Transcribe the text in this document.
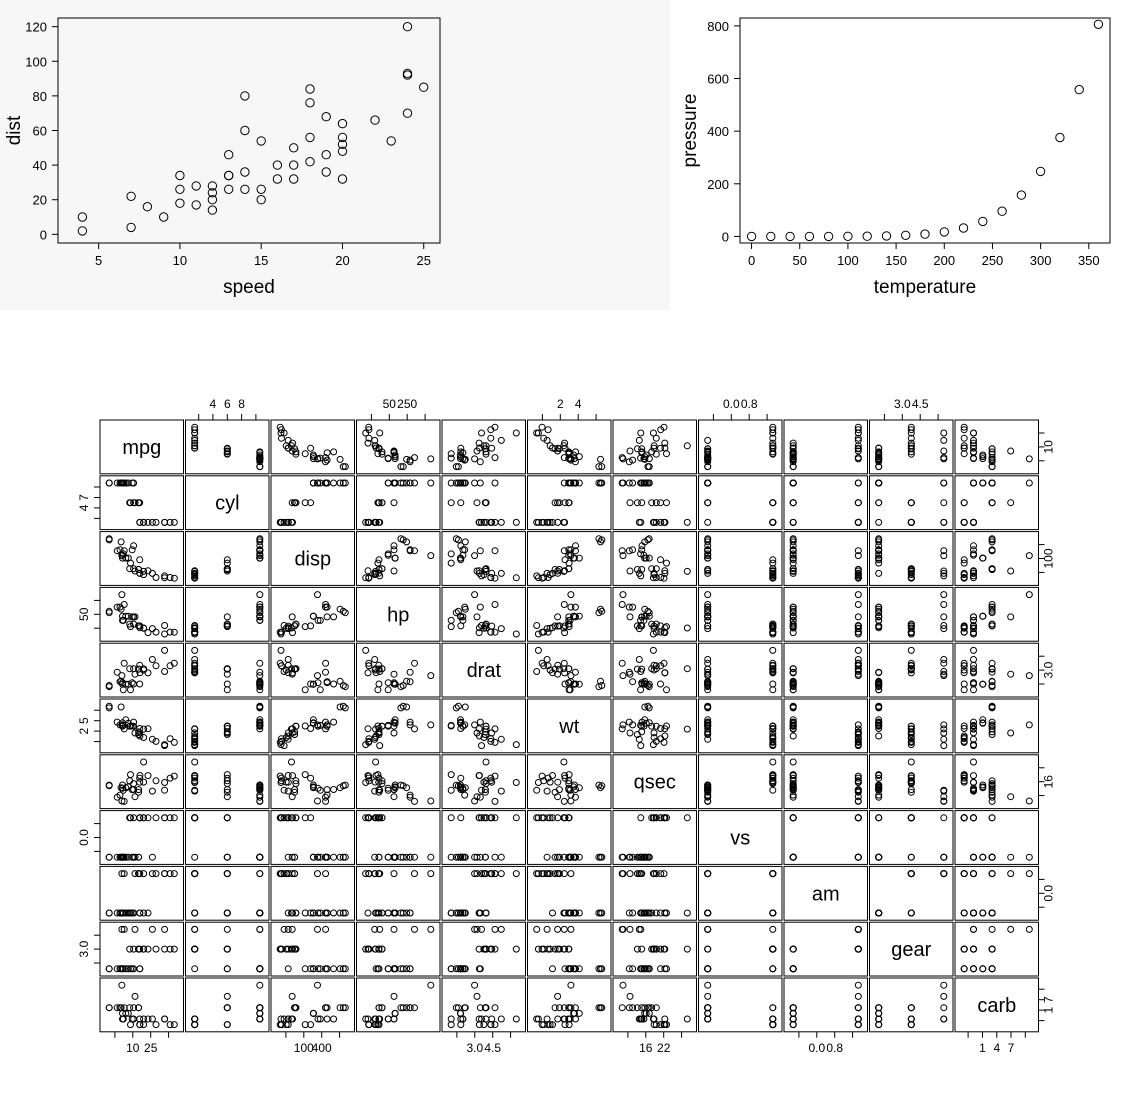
5	10	15	20	25
0
20
40
60
80
100
120
speed
dist
0	50 100 150 200 250 300 350
0
200
400
600
800
temperature
pressure
mpg
cyl
disp
hp
drat
wt
qsec
vs
am
gear
carb
4 6 8	50 250	2 4	0.0 0.8	3.0 4.5
10 25	100
400	3.0 4.5	16 22	0.0 0.8	1 4 7
4
7
50
2
5
0.0
3.0
10
100
3.0
16
0.0
1
7
